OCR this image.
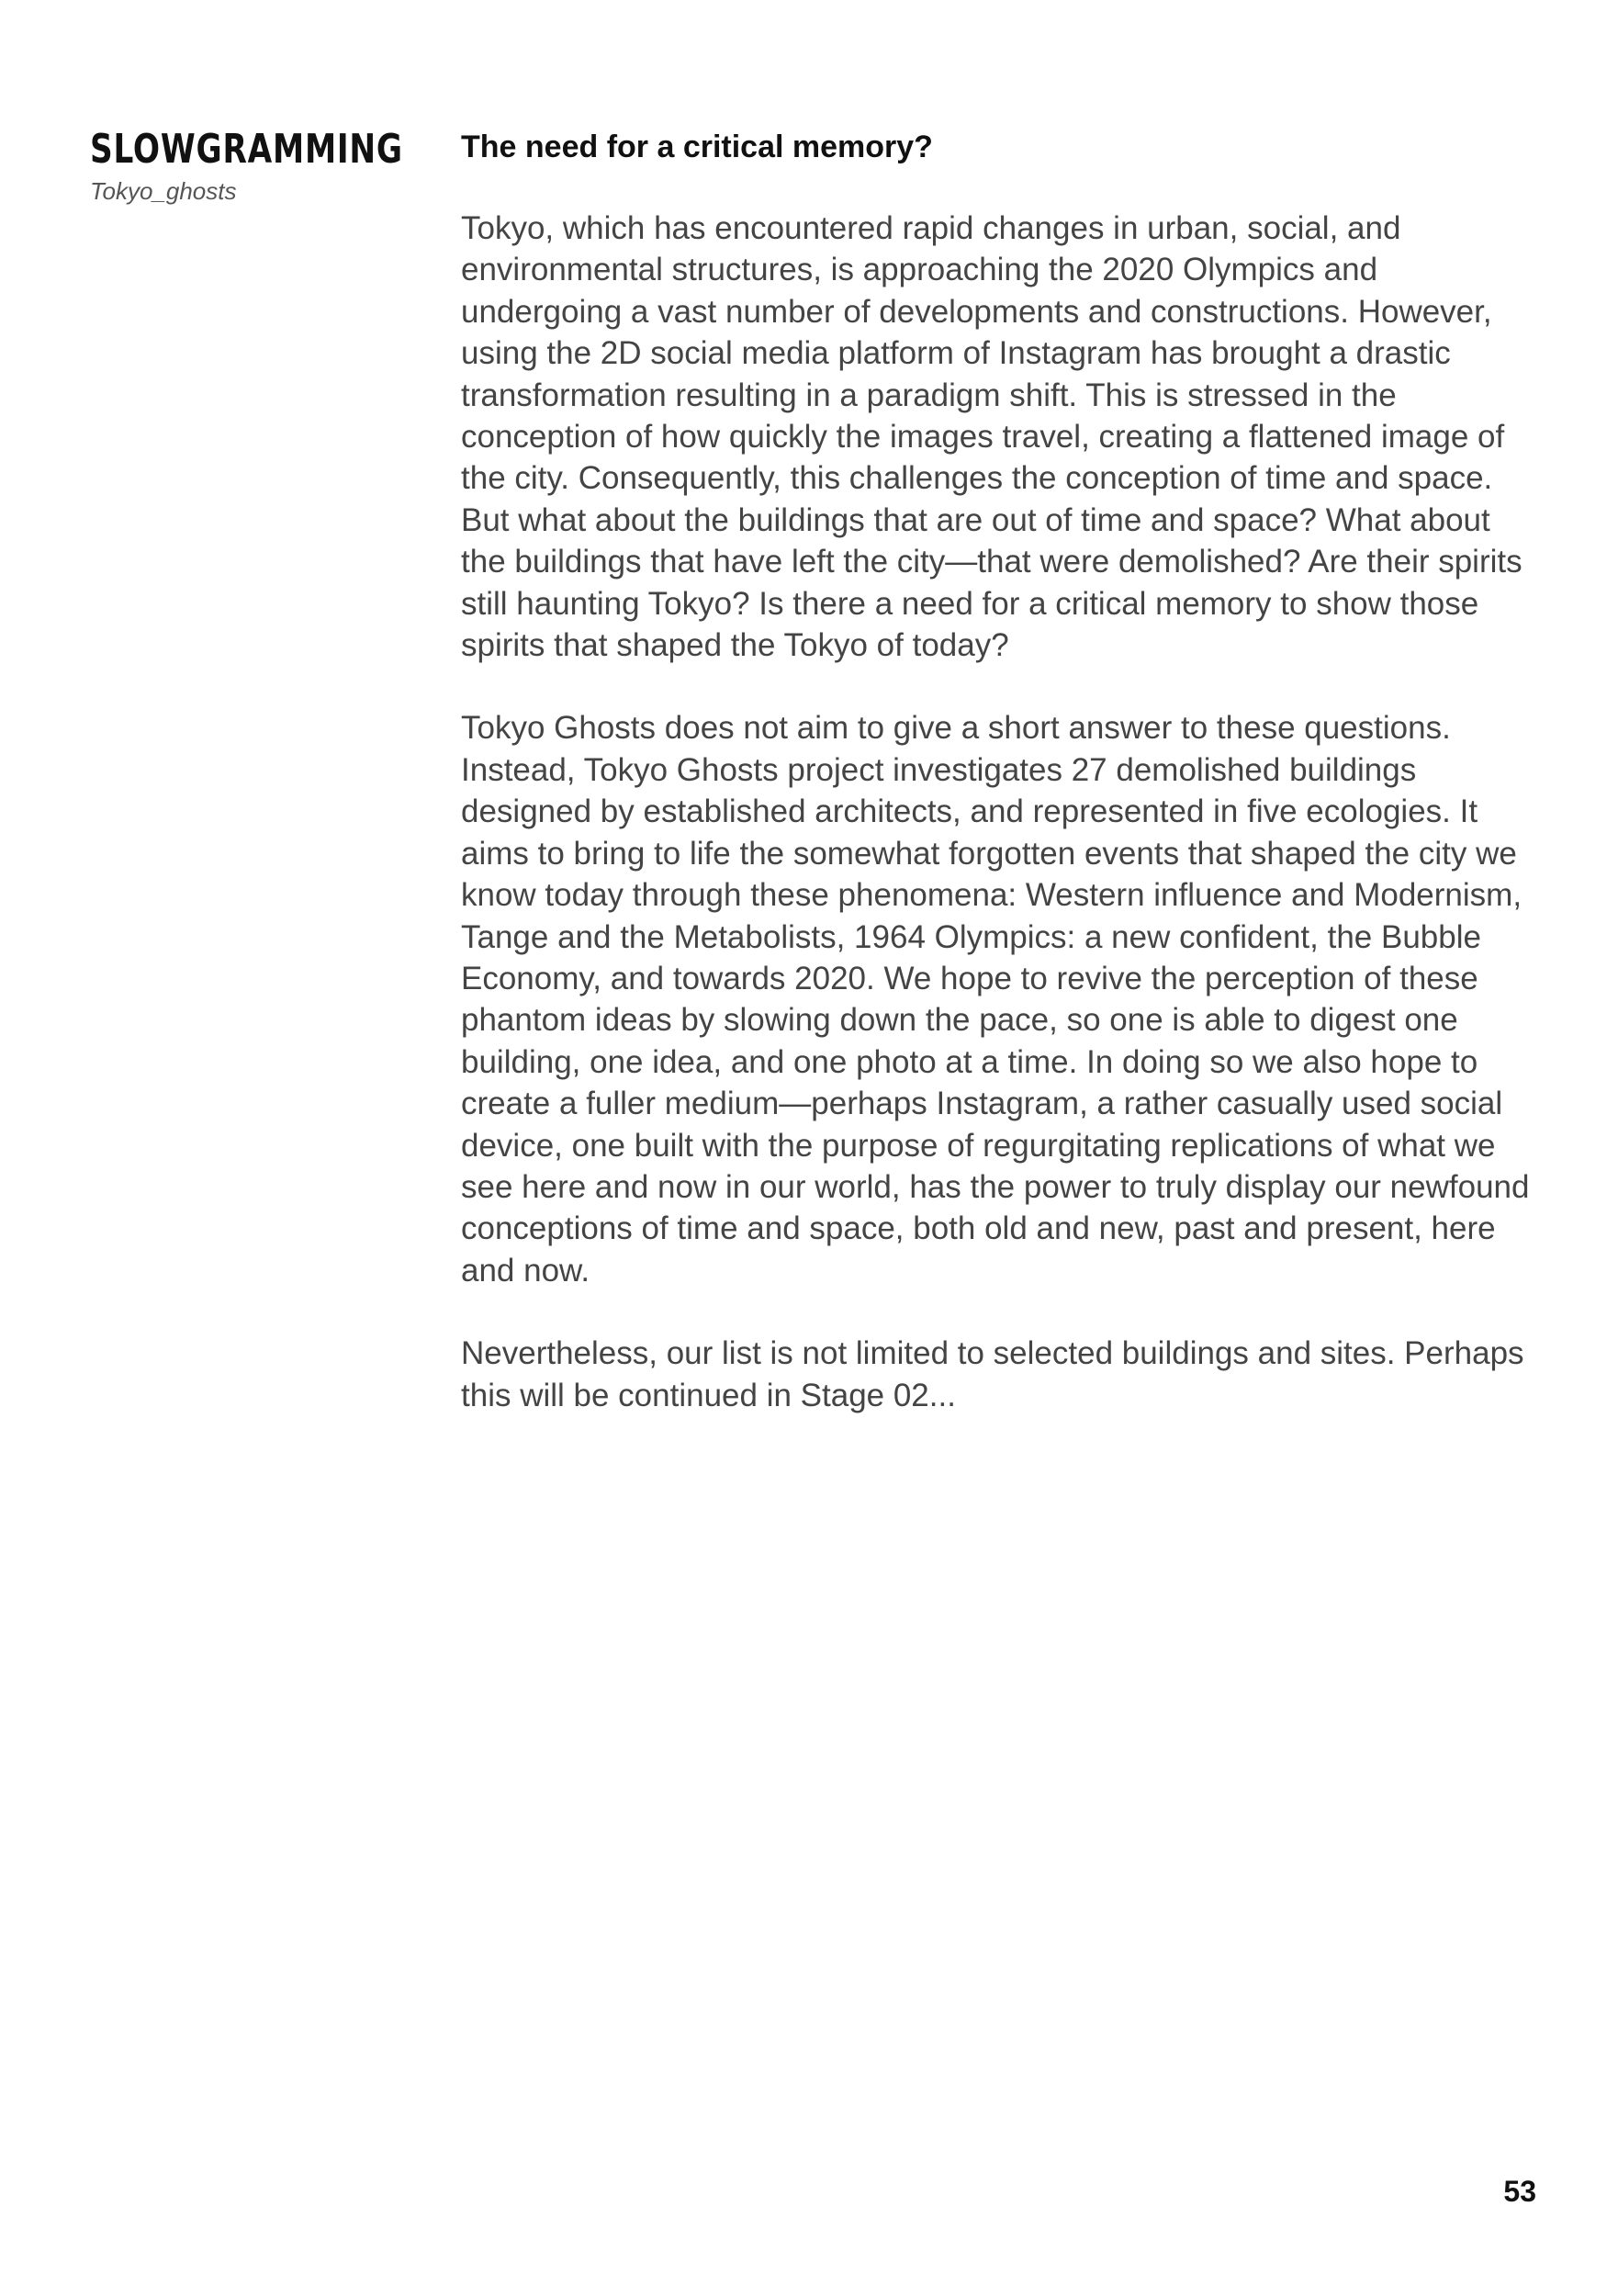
SLOWGRAMMING
Tokyo_ghosts
The need for a critical memory?

Tokyo, which has encountered rapid changes in urban, social, and environmental structures, is approaching the 2020 Olympics and undergoing a vast number of developments and constructions. However, using the 2D social media platform of Instagram has brought a drastic transformation resulting in a paradigm shift. This is stressed in the conception of how quickly the images travel, creating a flattened image of the city. Consequently, this challenges the conception of time and space. But what about the buildings that are out of time and space? What about the buildings that have left the city—that were demolished? Are their spirits still haunting Tokyo? Is there a need for a critical memory to show those spirits that shaped the Tokyo of today?

Tokyo Ghosts does not aim to give a short answer to these questions. Instead, Tokyo Ghosts project investigates 27 demolished buildings designed by established architects, and represented in five ecologies. It aims to bring to life the somewhat forgotten events that shaped the city we know today through these phenomena: Western influence and Modernism, Tange and the Metabolists, 1964 Olympics: a new confident, the Bubble Economy, and towards 2020. We hope to revive the perception of these phantom ideas by slowing down the pace, so one is able to digest one building, one idea, and one photo at a time. In doing so we also hope to create a fuller medium—perhaps Instagram, a rather casually used social device, one built with the purpose of regurgitating replications of what we see here and now in our world, has the power to truly display our newfound conceptions of time and space, both old and new, past and present, here and now.

Nevertheless, our list is not limited to selected buildings and sites. Perhaps this will be continued in Stage 02...

53
